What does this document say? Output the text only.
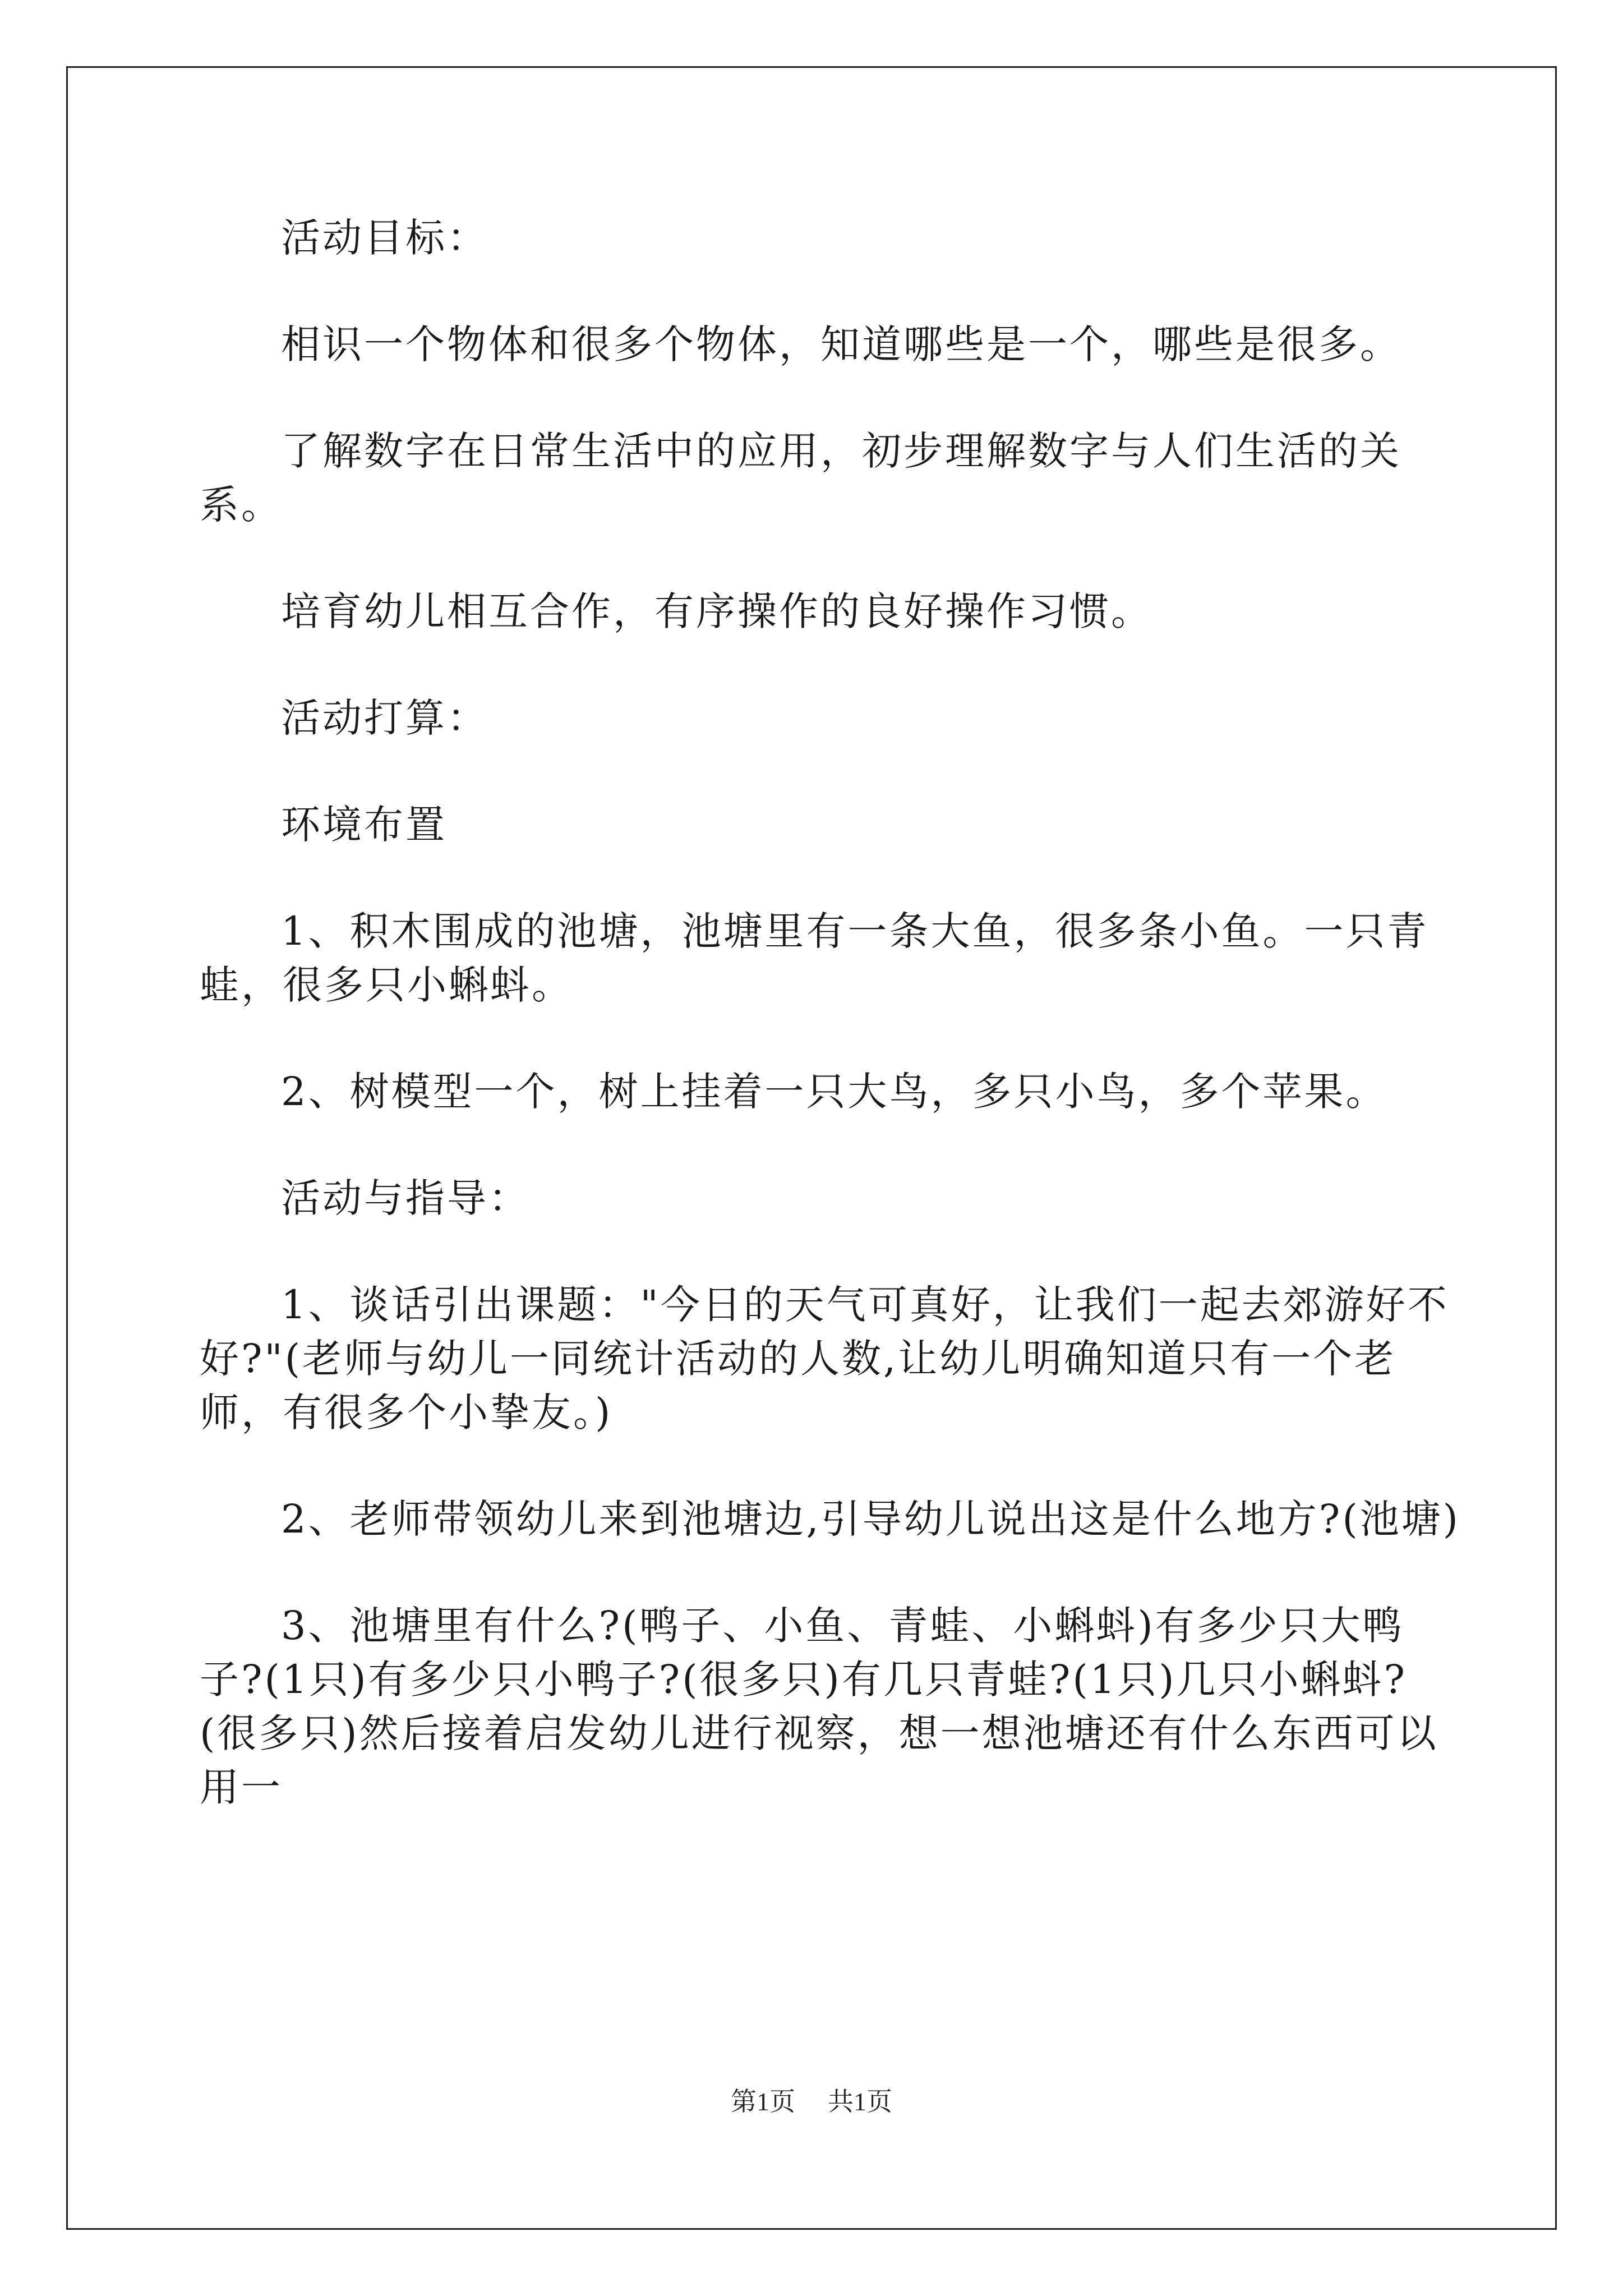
活动目标：

相识一个物体和很多个物体，知道哪些是一个，哪些是很多。

了解数字在日常生活中的应用，初步理解数字与人们生活的关系。

培育幼儿相互合作，有序操作的良好操作习惯。

活动打算：

环境布置

1、积木围成的池塘，池塘里有一条大鱼，很多条小鱼。一只青蛙，很多只小蝌蚪。

2、树模型一个，树上挂着一只大鸟，多只小鸟，多个苹果。

活动与指导：

1、谈话引出课题："今日的天气可真好，让我们一起去郊游好不好?"(老师与幼儿一同统计活动的人数,让幼儿明确知道只有一个老师，有很多个小挚友。)

2、老师带领幼儿来到池塘边,引导幼儿说出这是什么地方?(池塘)

3、池塘里有什么?(鸭子、小鱼、青蛙、小蝌蚪)有多少只大鸭子?(1只)有多少只小鸭子?(很多只)有几只青蛙?(1只)几只小蝌蚪?(很多只)然后接着启发幼儿进行视察，想一想池塘还有什么东西可以用一

第1页 共1页
